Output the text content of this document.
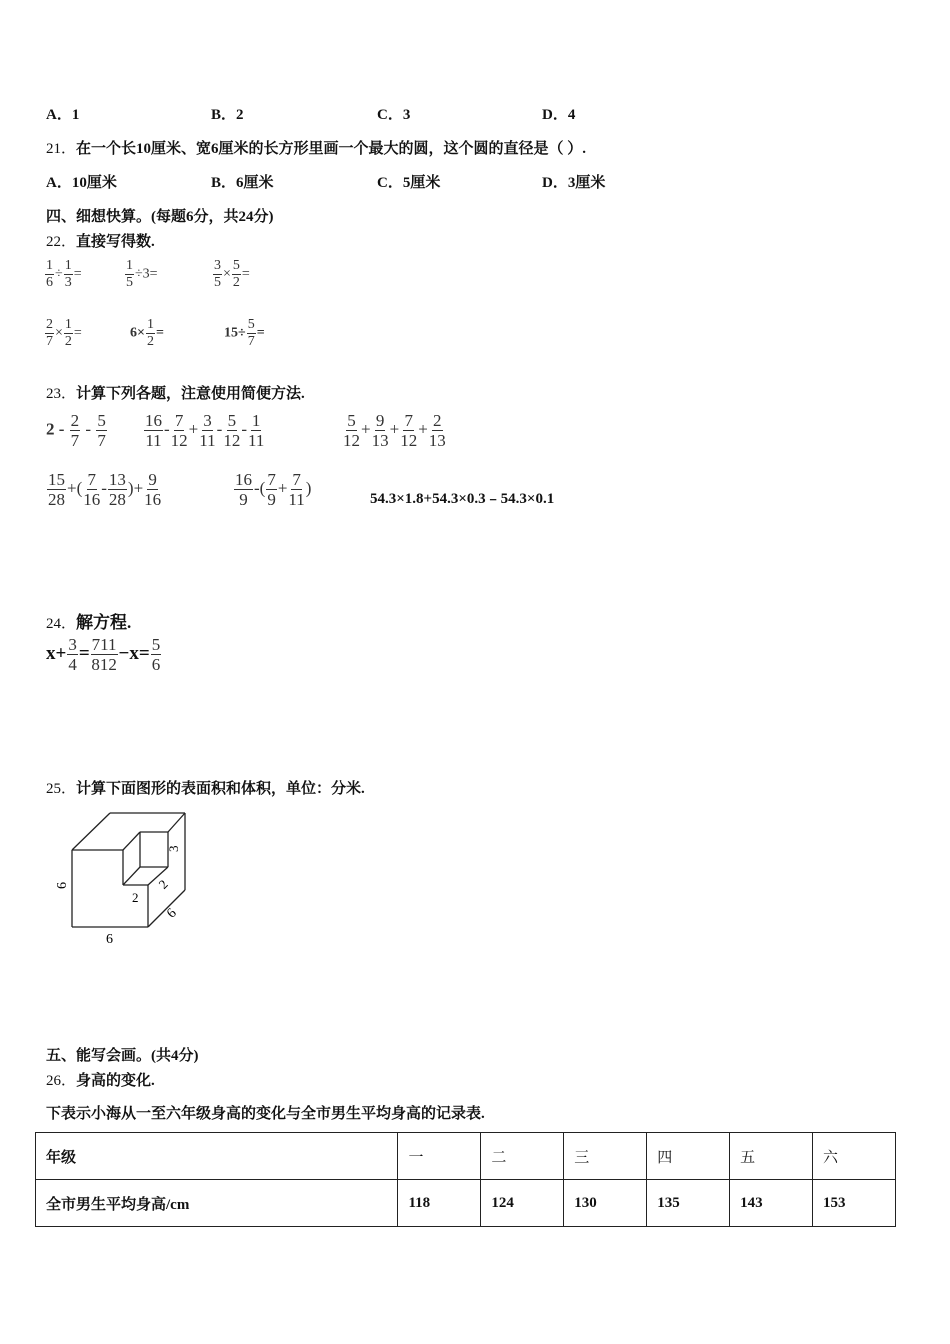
A．1	B．2	C．3	D．4
21．在一个长10厘米、宽6厘米的长方形里画一个最大的圆，这个圆的直径是（ ）.
A．10厘米	B．6厘米	C．5厘米	D．3厘米
四、细想快算。(每题6分，共24分)
22．直接写得数.
$\frac{1}{6} \div \frac{1}{3}$ =	$\frac{1}{5} \div 3=$	$\frac{3}{5} \times \frac{5}{2}$ =
$\frac{2}{7} \times \frac{1}{2}$ =	$6\times \frac{1}{2}$ =	$15\div \frac{5}{7}$ =
23．计算下列各题，注意使用简便方法.
$2 - \frac{2}{7} - \frac{5}{7} \frac{16}{11} - \frac{7}{12} + \frac{3}{11} - \frac{5}{12} - \frac{1}{11}$	$\frac{5}{12} + \frac{9}{13} + \frac{7}{12} + \frac{2}{13}$
$\frac{15}{28}$ +( $\frac{7}{16} - \frac{13}{28}$ )+ $\frac{9}{16}$	$\frac{16}{9}$ -( $\frac{7}{9} + \frac{7}{11}$ )
54.3×1.8+54.3×0.3﹣54.3×0.1
24．解方程.
$x+ \frac{3}{4} = \frac{711}{812} -x= \frac{5}{6}$
25．计算下面图形的表面积和体积，单位：分米.
6
6
6
2
2
3
五、能写会画。(共4分)
26．身高的变化.
下表示小海从一至六年级身高的变化与全市男生平均身高的记录表.
年级	一	二	三	四	五	六
全市男生平均身高/cm	118	124	130	135	143	153
